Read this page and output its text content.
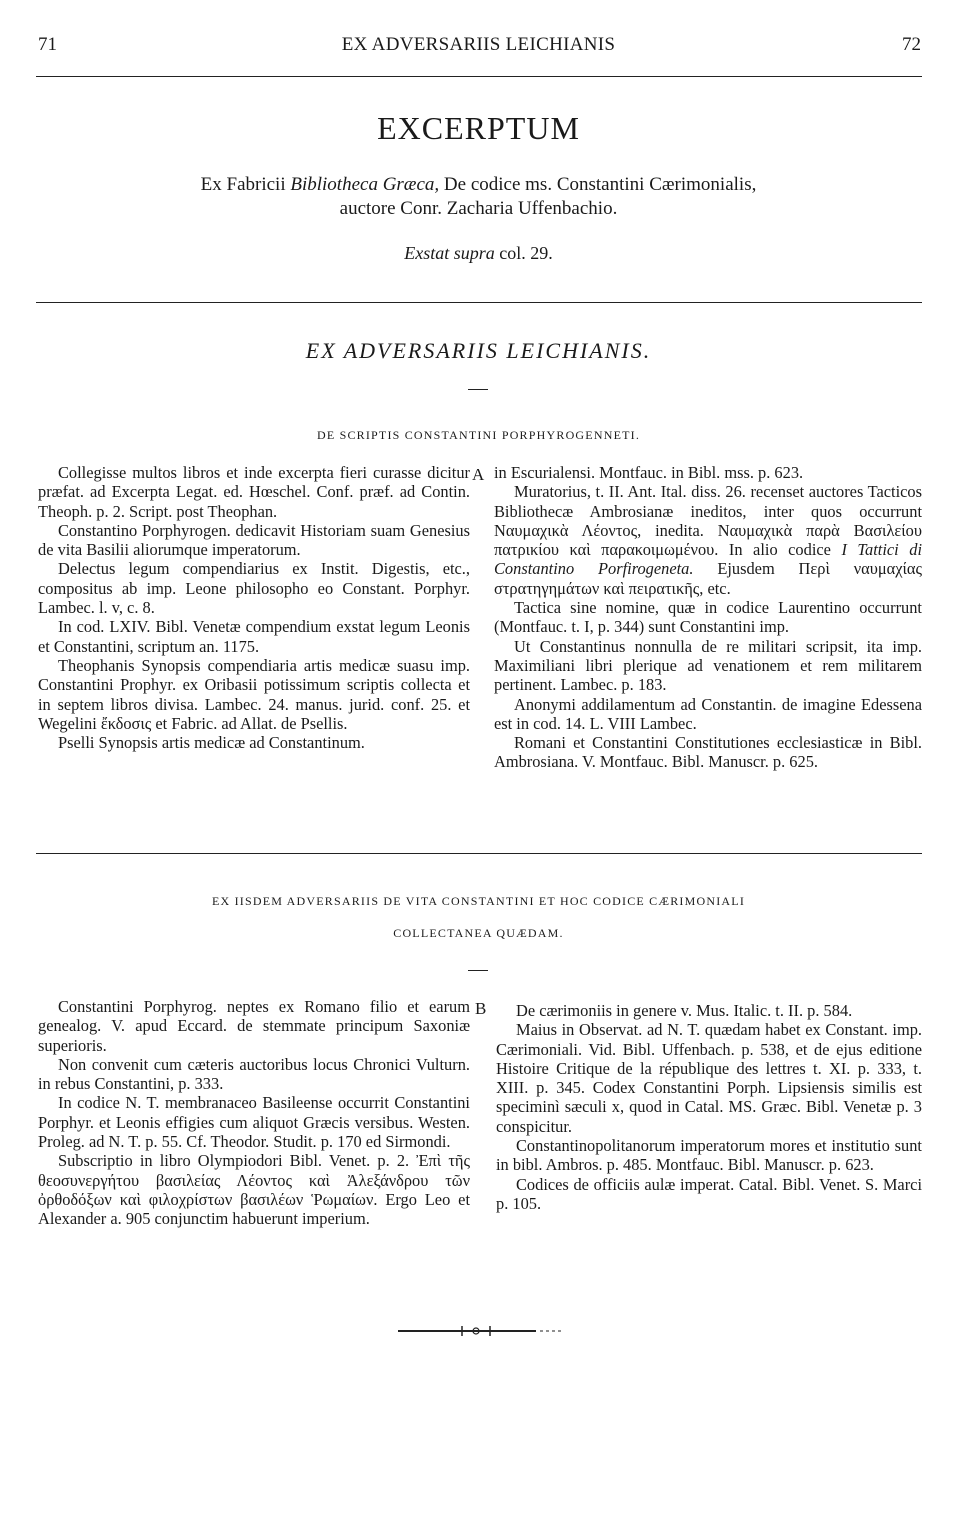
71	EX ADVERSARIIS LEICHIANIS	72
EXCERPTUM
Ex Fabricii Bibliotheca Græca, De codice ms. Constantini Cærimonialis,
auctore Conr. Zacharia Uffenbachio.
Exstat supra col. 29.
EX ADVERSARIIS LEICHIANIS.
DE SCRIPTIS CONSTANTINI PORPHYROGENNETI.

Collegisse multos libros et inde excerpta fieri curasse dicitur præfat. ad Excerpta Legat. ed. Hœschel. Conf. præf. ad Contin. Theoph. p. 2. Script. post Theophan.

Constantino Porphyrogen. dedicavit Historiam suam Genesius de vita Basilii aliorumque imperatorum.

Delectus legum compendiarius ex Instit. Digestis, etc., compositus ab imp. Leone philosopho eo Constant. Porphyr. Lambec. l. v, c. 8.

In cod. LXIV. Bibl. Venetæ compendium exstat legum Leonis et Constantini, scriptum an. 1175.

Theophanis Synopsis compendiaria artis medicæ suasu imp. Constantini Prophyr. ex Oribasii potissimum scriptis collecta et in septem libros divisa. Lambec. 24. manus. jurid. conf. 25. et Wegelini ἔκδοσις et Fabric. ad Allat. de Psellis.

Pselli Synopsis artis medicæ ad Constantinum.

A in Escurialensi. Montfauc. in Bibl. mss. p. 623.

Muratorius, t. II. Ant. Ital. diss. 26. recenset auctores Tacticos Bibliothecæ Ambrosianæ ineditos, inter quos occurrunt Ναυμαχικὰ Λέοντος, inedita. Ναυμαχικὰ παρὰ Βασιλείου πατρικίου καὶ παρακοιμωμένου. In alio codice I Tattici di Constantino Porfirogeneta. Ejusdem Περὶ ναυμαχίας στρατηγημάτων καὶ πειρατικῆς, etc.

Tactica sine nomine, quæ in codice Laurentino occurrunt (Montfauc. t. I, p. 344) sunt Constantini imp.

Ut Constantinus nonnulla de re militari scripsit, ita imp. Maximiliani libri plerique ad venationem et rem militarem pertinent. Lambec. p. 183.

Anonymi addilamentum ad Constantin. de imagine Edessena est in cod. 14. L. VIII Lambec.

Romani et Constantini Constitutiones ecclesiasticæ in Bibl. Ambrosiana. V. Montfauc. Bibl. Manuscr. p. 625.

EX IISDEM ADVERSARIIS DE VITA CONSTANTINI ET HOC CODICE CÆRIMONIALI
COLLECTANEA QUÆDAM.

Constantini Porphyrog. neptes ex Romano filio et earum genealog. V. apud Eccard. de stemmate principum Saxoniæ superioris.

Non convenit cum cæteris auctoribus locus Chronici Vulturn. in rebus Constantini, p. 333.

In codice N. T. membranaceo Basileense occurrit Constantini Porphyr. et Leonis effigies cum aliquot Græcis versibus. Westen. Proleg. ad N. T. p. 55. Cf. Theodor. Studit. p. 170 ed Sirmondi.

Subscriptio in libro Olympiodori Bibl. Venet. p. 2. Ἐπὶ τῆς θεοσυνεργήτου βασιλείας Λέοντος καὶ Ἀλεξάνδρου τῶν ὀρθοδόξων καὶ φιλοχρίστων βασιλέων Ῥωμαίων. Ergo Leo et Alexander a. 905 conjunctim habuerunt imperium.

B	De cærimoniis in genere v. Mus. Italic. t. II. p. 584.

Maius in Observat. ad N. T. quædam habet ex Constant. imp. Cærimoniali. Vid. Bibl. Uffenbach. p. 538, et de ejus editione Histoire Critique de la république des lettres t. XI. p. 333, t. XIII. p. 345. Codex Constantini Porph. Lipsiensis similis est speciminì sæculi x, quod in Catal. MS. Græc. Bibl. Venetæ p. 3 conspicitur.

Constantinopolitanorum imperatorum mores et institutio sunt in bibl. Ambros. p. 485. Montfauc. Bibl. Manuscr. p. 623.

Codices de officiis aulæ imperat. Catal. Bibl. Venet. S. Marci p. 105.
